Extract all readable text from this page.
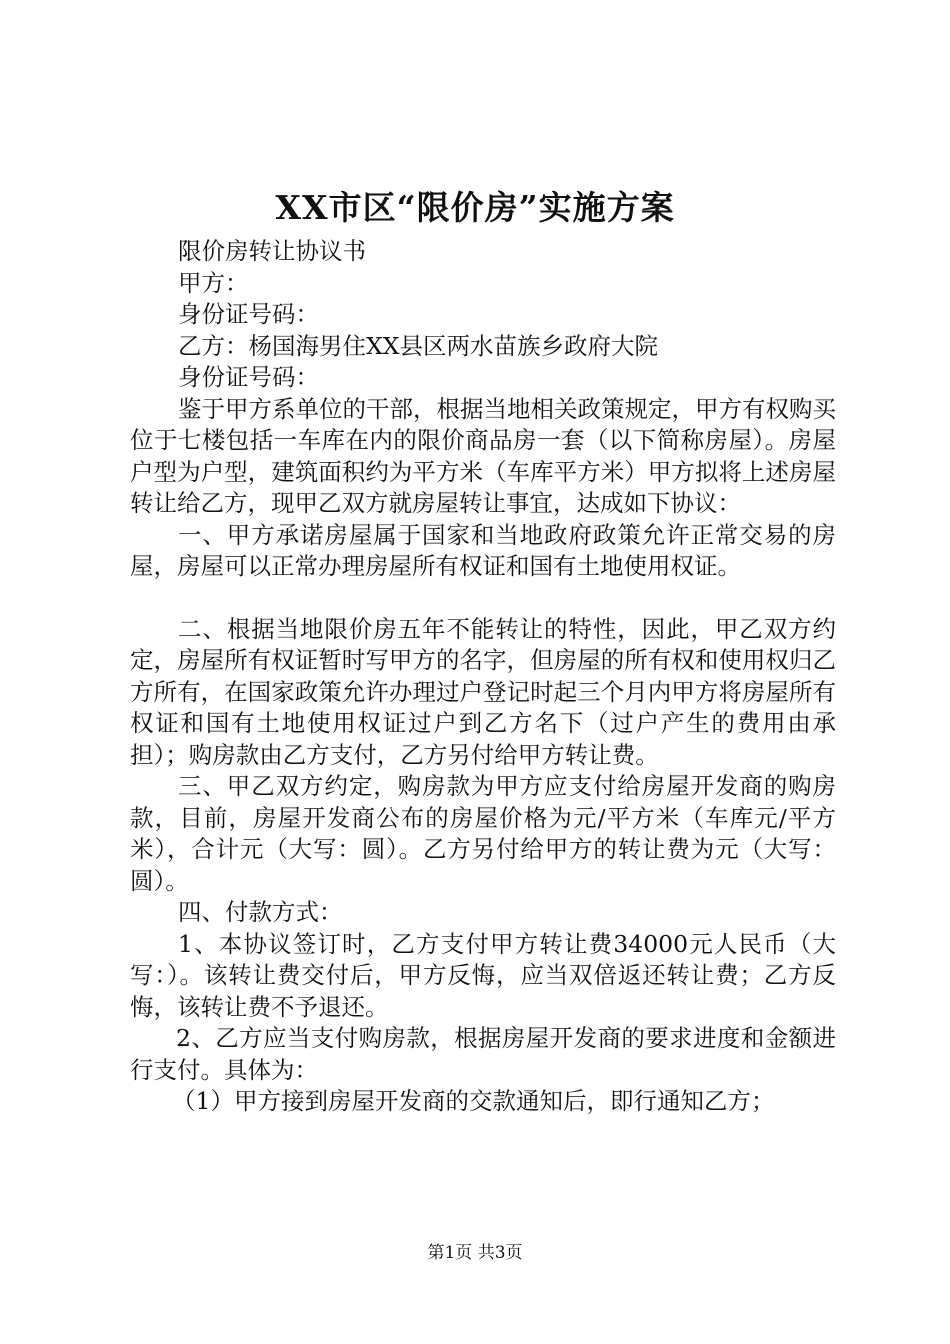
XX市区“限价房”实施方案

限价房转让协议书

甲方：

身份证号码：

乙方：杨国海男住XX县区两水苗族乡政府大院

身份证号码：

鉴于甲方系单位的干部，根据当地相关政策规定，甲方有权购买位于七楼包括一车库在内的限价商品房一套（以下简称房屋）。房屋户型为户型，建筑面积约为平方米（车库平方米）甲方拟将上述房屋转让给乙方，现甲乙双方就房屋转让事宜，达成如下协议：

一、甲方承诺房屋属于国家和当地政府政策允许正常交易的房屋，房屋可以正常办理房屋所有权证和国有土地使用权证。

二、根据当地限价房五年不能转让的特性，因此，甲乙双方约定，房屋所有权证暂时写甲方的名字，但房屋的所有权和使用权归乙方所有，在国家政策允许办理过户登记时起三个月内甲方将房屋所有权证和国有土地使用权证过户到乙方名下（过户产生的费用由承担）；购房款由乙方支付，乙方另付给甲方转让费。

三、甲乙双方约定，购房款为甲方应支付给房屋开发商的购房款，目前，房屋开发商公布的房屋价格为元/平方米（车库元/平方米），合计元（大写：圆）。乙方另付给甲方的转让费为元（大写：圆）。

四、付款方式：

1、本协议签订时，乙方支付甲方转让费34000元人民币（大写：）。该转让费交付后，甲方反悔，应当双倍返还转让费；乙方反悔，该转让费不予退还。

2、乙方应当支付购房款，根据房屋开发商的要求进度和金额进行支付。具体为：

（1）甲方接到房屋开发商的交款通知后，即行通知乙方；

第1页 共3页
